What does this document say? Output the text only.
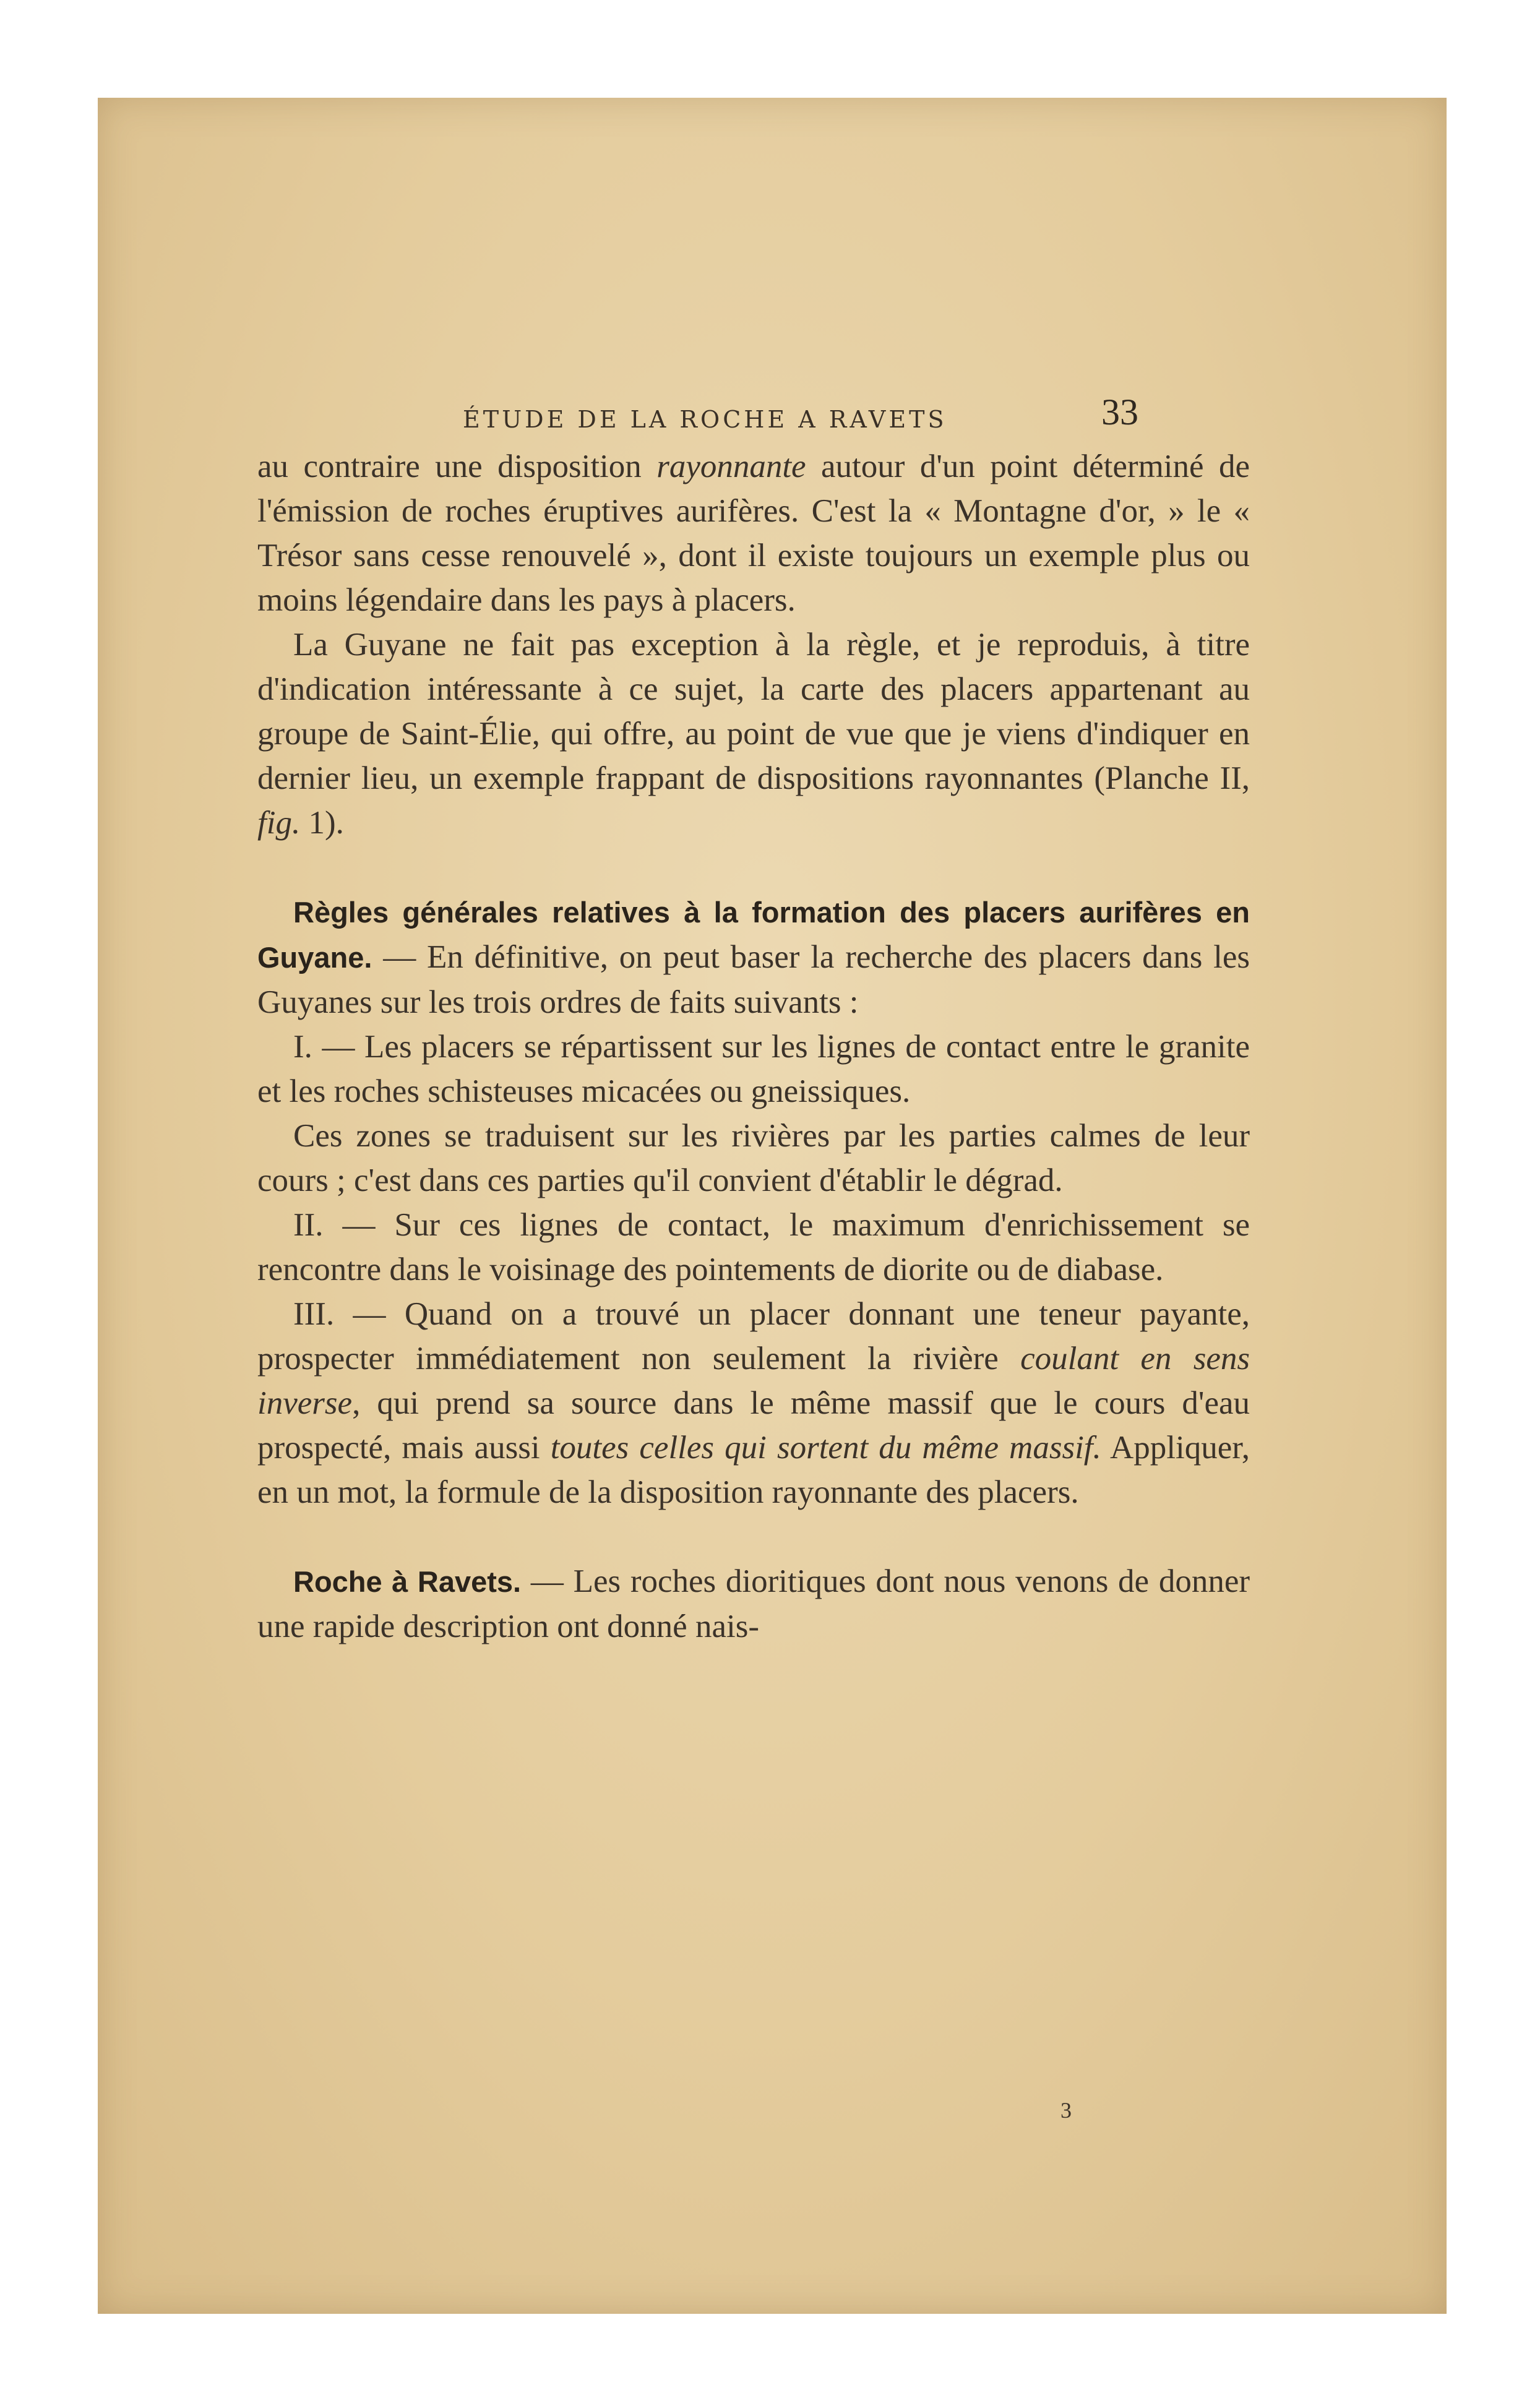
ÉTUDE DE LA ROCHE A RAVETS	33

au contraire une disposition rayonnante autour d'un point déterminé de l'émission de roches éruptives aurifères. C'est la « Montagne d'or, » le « Trésor sans cesse renouvelé », dont il existe toujours un exemple plus ou moins légendaire dans les pays à placers.

La Guyane ne fait pas exception à la règle, et je reproduis, à titre d'indication intéressante à ce sujet, la carte des placers appartenant au groupe de Saint-Élie, qui offre, au point de vue que je viens d'indiquer en dernier lieu, un exemple frappant de dispositions rayonnantes (Planche II, fig. 1).

Règles générales relatives à la formation des placers aurifères en Guyane. — En définitive, on peut baser la recherche des placers dans les Guyanes sur les trois ordres de faits suivants :

I. — Les placers se répartissent sur les lignes de contact entre le granite et les roches schisteuses micacées ou gneissiques.

Ces zones se traduisent sur les rivières par les parties calmes de leur cours ; c'est dans ces parties qu'il convient d'établir le dégrad.

II. — Sur ces lignes de contact, le maximum d'enrichissement se rencontre dans le voisinage des pointements de diorite ou de diabase.

III. — Quand on a trouvé un placer donnant une teneur payante, prospecter immédiatement non seulement la rivière coulant en sens inverse, qui prend sa source dans le même massif que le cours d'eau prospecté, mais aussi toutes celles qui sortent du même massif. Appliquer, en un mot, la formule de la disposition rayonnante des placers.

Roche à Ravets. — Les roches dioritiques dont nous venons de donner une rapide description ont donné nais-

3
